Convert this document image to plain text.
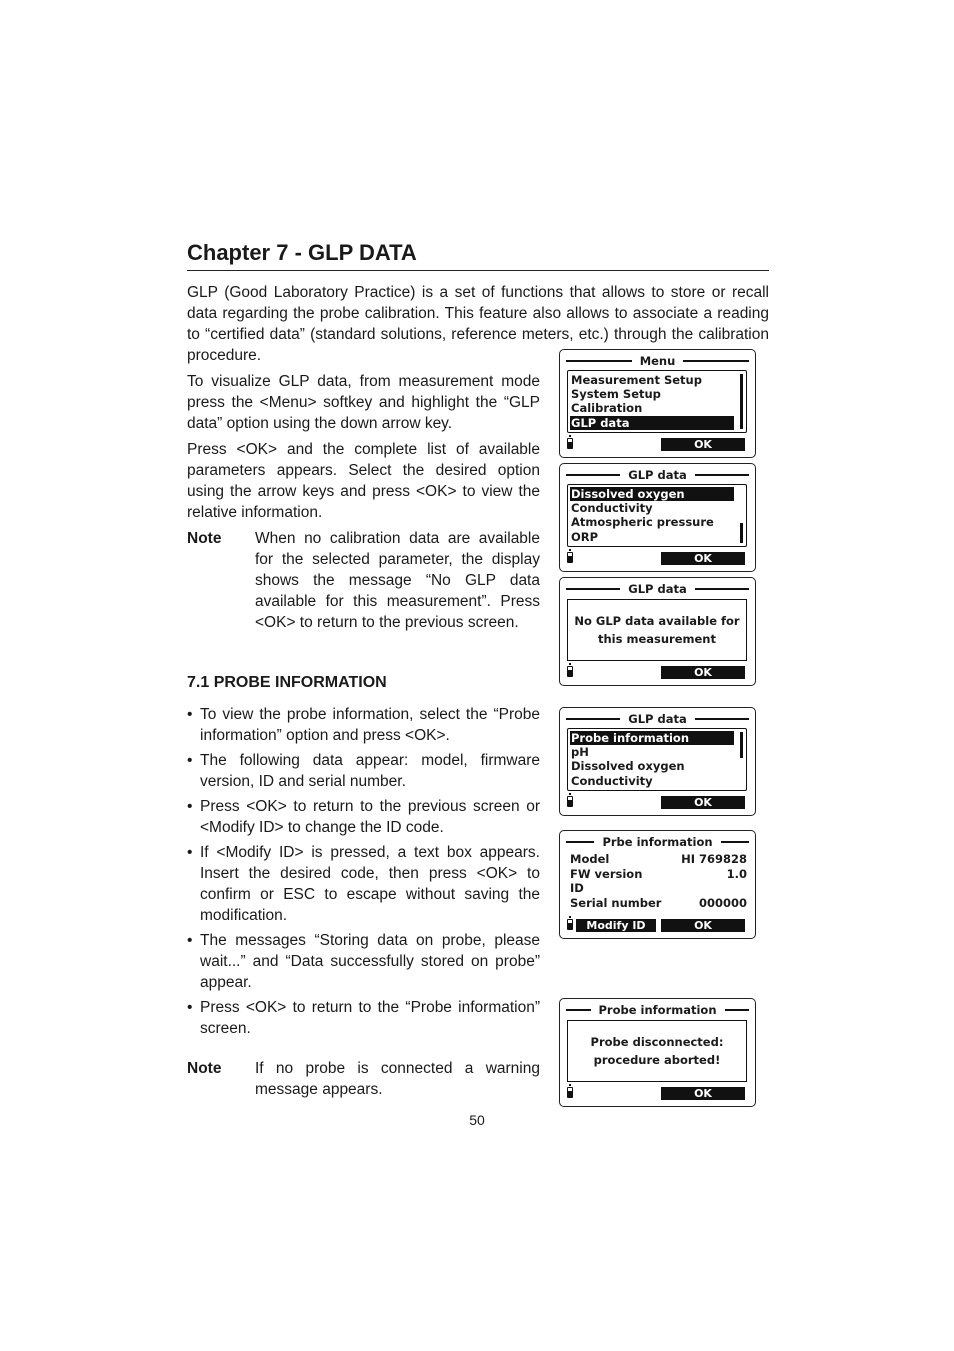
Chapter 7 - GLP DATA

GLP (Good Laboratory Practice) is a set of functions that allows to store or recall data regarding the probe calibration. This feature also allows to associate a reading to “certified data” (standard solutions, reference meters, etc.) through the calibration procedure.

To visualize GLP data, from measurement mode press the <Menu> softkey and highlight the “GLP data” option using the down arrow key.

Press <OK> and the complete list of available parameters appears. Select the desired option using the arrow keys and press <OK> to view the relative information.

Note	When no calibration data are available for the selected parameter, the display shows the message “No GLP data available for this measurement”. Press <OK> to return to the previous screen.

7.1 PROBE INFORMATION
• To view the probe information, select the “Probe information” option and press <OK>.
• The following data appear: model, firmware version, ID and serial number.
• Press <OK> to return to the previous screen or <Modify ID> to change the ID code.
• If <Modify ID> is pressed, a text box appears. Insert the desired code, then press <OK> to confirm or ESC to escape without saving the modification.
• The messages “Storing data on probe, please wait...” and “Data successfully stored on probe” appear.
• Press <OK> to return to the “Probe information” screen.
Note	If no probe is connected a warning message appears.

50
Menu
Measurement Setup
System Setup
Calibration
GLP data
OK
GLP data
Dissolved oxygen
Conductivity
Atmospheric pressure
ORP
OK
GLP data
No GLP data available for
this measurement
OK
GLP data
Probe information
pH
Dissolved oxygen
Conductivity
OK
Prbe information
Model	HI 769828
FW version	1.0
ID
Serial number	000000
Modify ID	OK
Probe information
Probe disconnected:
procedure aborted!
OK
